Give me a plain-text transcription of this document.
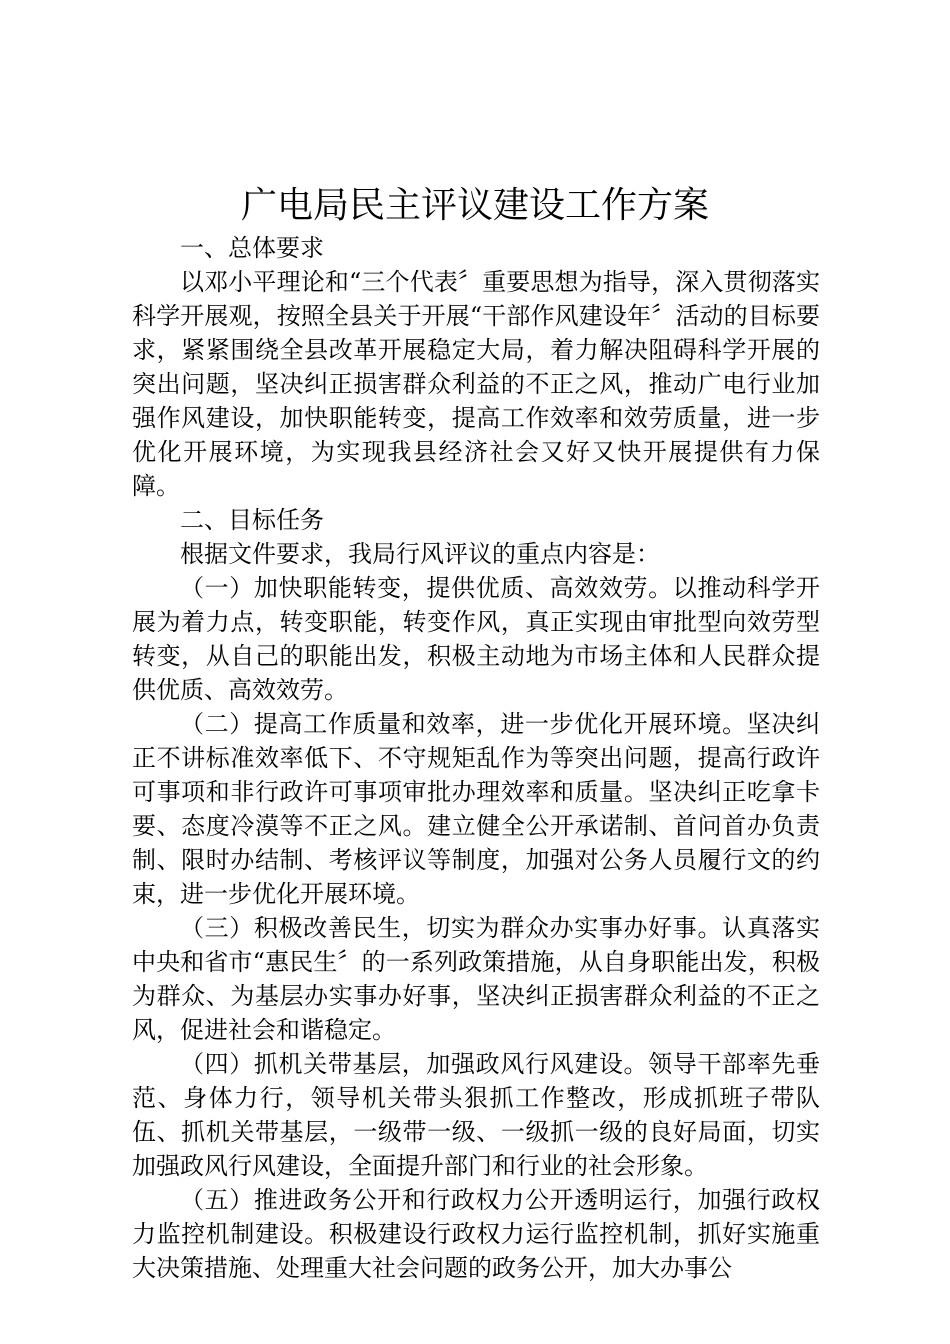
广电局民主评议建设工作方案

一、总体要求

以邓小平理论和“三个代表〞重要思想为指导，深入贯彻落实科学开展观，按照全县关于开展“干部作风建设年〞活动的目标要求，紧紧围绕全县改革开展稳定大局，着力解决阻碍科学开展的突出问题，坚决纠正损害群众利益的不正之风，推动广电行业加强作风建设，加快职能转变，提高工作效率和效劳质量，进一步优化开展环境，为实现我县经济社会又好又快开展提供有力保障。

二、目标任务

根据文件要求，我局行风评议的重点内容是：

（一）加快职能转变，提供优质、高效效劳。以推动科学开展为着力点，转变职能，转变作风，真正实现由审批型向效劳型转变，从自己的职能出发，积极主动地为市场主体和人民群众提供优质、高效效劳。

（二）提高工作质量和效率，进一步优化开展环境。坚决纠正不讲标准效率低下、不守规矩乱作为等突出问题，提高行政许可事项和非行政许可事项审批办理效率和质量。坚决纠正吃拿卡要、态度冷漠等不正之风。建立健全公开承诺制、首问首办负责制、限时办结制、考核评议等制度，加强对公务人员履行文的约束，进一步优化开展环境。

（三）积极改善民生，切实为群众办实事办好事。认真落实中央和省市“惠民生〞的一系列政策措施，从自身职能出发，积极为群众、为基层办实事办好事，坚决纠正损害群众利益的不正之风，促进社会和谐稳定。

（四）抓机关带基层，加强政风行风建设。领导干部率先垂范、身体力行，领导机关带头狠抓工作整改，形成抓班子带队伍、抓机关带基层，一级带一级、一级抓一级的良好局面，切实加强政风行风建设，全面提升部门和行业的社会形象。

（五）推进政务公开和行政权力公开透明运行，加强行政权力监控机制建设。积极建设行政权力运行监控机制，抓好实施重大决策措施、处理重大社会问题的政务公开，加大办事公
